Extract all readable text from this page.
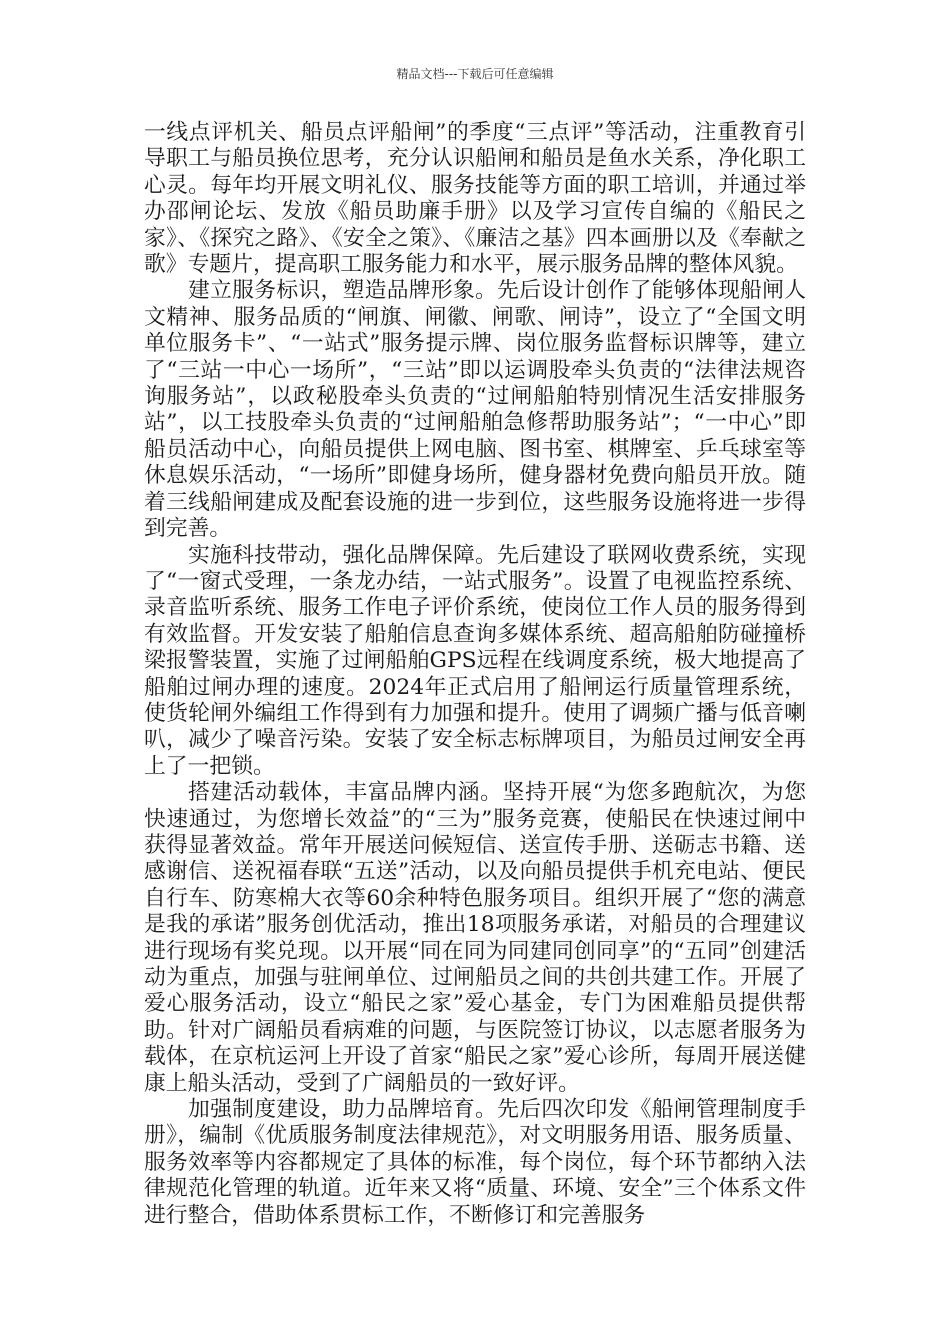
精品文档---下载后可任意编辑

一线点评机关、船员点评船闸”的季度“三点评”等活动，注重教育引导职工与船员换位思考，充分认识船闸和船员是鱼水关系，净化职工心灵。每年均开展文明礼仪、服务技能等方面的职工培训，并通过举办邵闸论坛、发放《船员助廉手册》以及学习宣传自编的《船民之家》、《探究之路》、《安全之策》、《廉洁之基》四本画册以及《奉献之歌》专题片，提高职工服务能力和水平，展示服务品牌的整体风貌。

建立服务标识，塑造品牌形象。先后设计创作了能够体现船闸人文精神、服务品质的“闸旗、闸徽、闸歌、闸诗”，设立了“全国文明单位服务卡”、“一站式”服务提示牌、岗位服务监督标识牌等，建立了“三站一中心一场所”，“三站”即以运调股牵头负责的“法律法规咨询服务站”，以政秘股牵头负责的“过闸船舶特别情况生活安排服务站”，以工技股牵头负责的“过闸船舶急修帮助服务站”；“一中心”即船员活动中心，向船员提供上网电脑、图书室、棋牌室、乒乓球室等休息娱乐活动，“一场所”即健身场所，健身器材免费向船员开放。随着三线船闸建成及配套设施的进一步到位，这些服务设施将进一步得到完善。

实施科技带动，强化品牌保障。先后建设了联网收费系统，实现了“一窗式受理，一条龙办结，一站式服务”。设置了电视监控系统、录音监听系统、服务工作电子评价系统，使岗位工作人员的服务得到有效监督。开发安装了船舶信息查询多媒体系统、超高船舶防碰撞桥梁报警装置，实施了过闸船舶GPS远程在线调度系统，极大地提高了船舶过闸办理的速度。2024年正式启用了船闸运行质量管理系统，使货轮闸外编组工作得到有力加强和提升。使用了调频广播与低音喇叭，减少了噪音污染。安装了安全标志标牌项目，为船员过闸安全再上了一把锁。

搭建活动载体，丰富品牌内涵。坚持开展“为您多跑航次，为您快速通过，为您增长效益”的“三为”服务竞赛，使船民在快速过闸中获得显著效益。常年开展送问候短信、送宣传手册、送砺志书籍、送感谢信、送祝福春联“五送”活动，以及向船员提供手机充电站、便民自行车、防寒棉大衣等60余种特色服务项目。组织开展了“您的满意是我的承诺”服务创优活动，推出18项服务承诺，对船员的合理建议进行现场有奖兑现。以开展“同在同为同建同创同享”的“五同”创建活动为重点，加强与驻闸单位、过闸船员之间的共创共建工作。开展了爱心服务活动，设立“船民之家”爱心基金，专门为困难船员提供帮助。针对广阔船员看病难的问题，与医院签订协议，以志愿者服务为载体，在京杭运河上开设了首家“船民之家”爱心诊所，每周开展送健康上船头活动，受到了广阔船员的一致好评。

加强制度建设，助力品牌培育。先后四次印发《船闸管理制度手册》，编制《优质服务制度法律规范》，对文明服务用语、服务质量、服务效率等内容都规定了具体的标准，每个岗位，每个环节都纳入法律规范化管理的轨道。近年来又将“质量、环境、安全”三个体系文件进行整合，借助体系贯标工作，不断修订和完善服务
